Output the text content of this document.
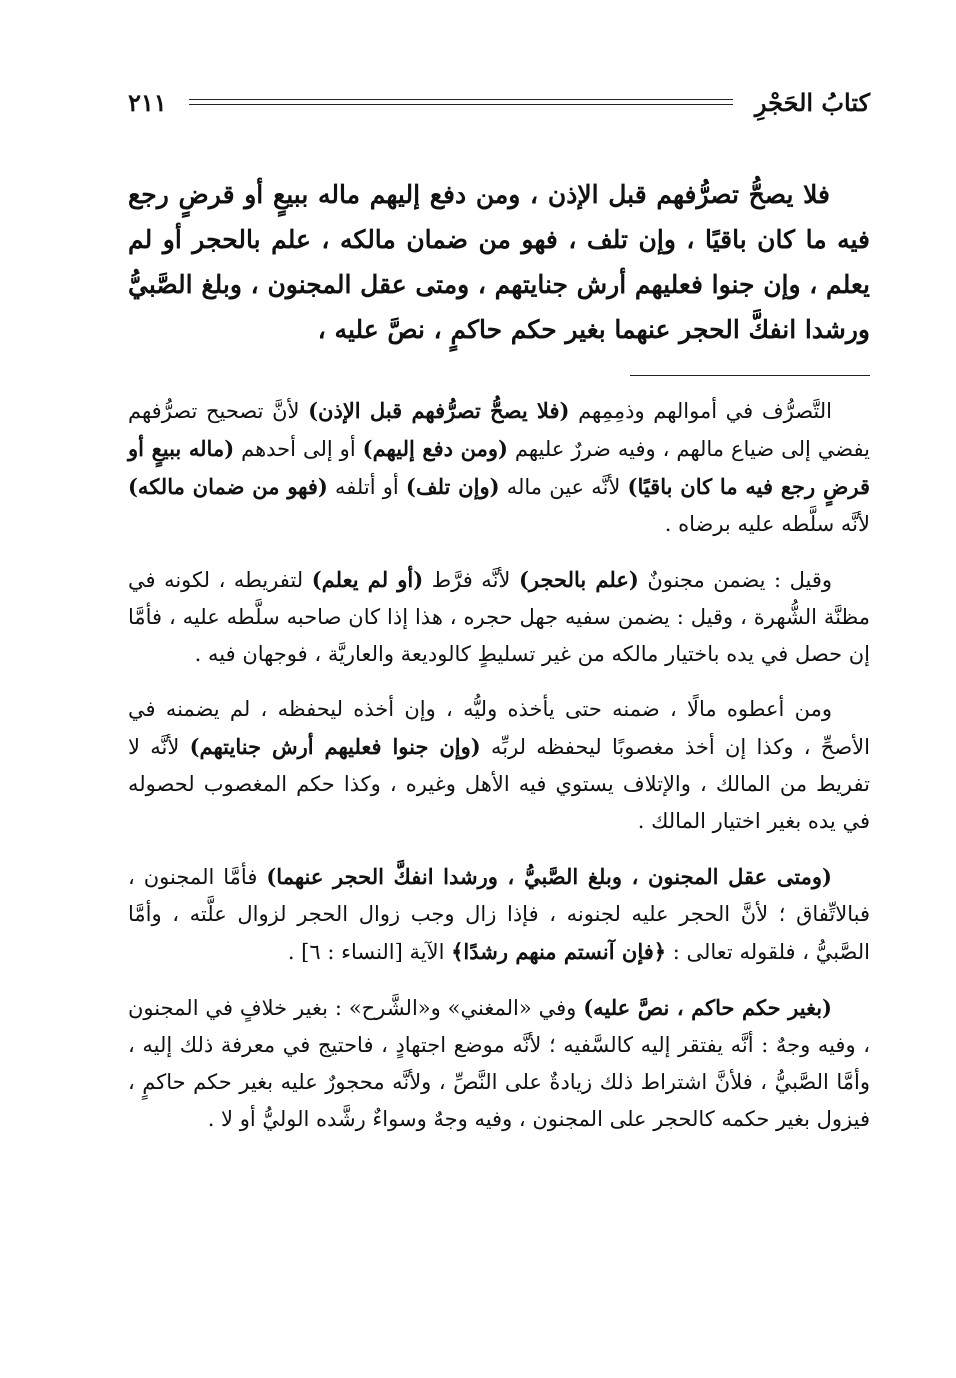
كتابُ الحَجْرِ
٢١١

فلا يصحُّ تصرُّفهم قبل الإذن ، ومن دفع إليهم ماله ببيعٍ أو قرضٍ رجع فيه ما كان باقيًا ، وإن تلف ، فهو من ضمان مالكه ، علم بالحجر أو لم يعلم ، وإن جنوا فعليهم أرش جنايتهم ، ومتى عقل المجنون ، وبلغ الصَّبيُّ ورشدا انفكَّ الحجر عنهما بغير حكم حاكمٍ ، نصَّ عليه ،

التَّصرُّف في أموالهم وذمِمِهم (فلا يصحُّ تصرُّفهم قبل الإذن) لأنَّ تصحيح تصرُّفهم يفضي إلى ضياع مالهم ، وفيه ضررٌ عليهم (ومن دفع إليهم) أو إلى أحدهم (ماله ببيعٍ أو قرضٍ رجع فيه ما كان باقيًا) لأنَّه عين ماله (وإن تلف) أو أتلفه (فهو من ضمان مالكه) لأنَّه سلَّطه عليه برضاه .

وقيل : يضمن مجنونٌ (علم بالحجر) لأنَّه فرَّط (أو لم يعلم) لتفريطه ، لكونه في مظنَّة الشُّهرة ، وقيل : يضمن سفيه جهل حجره ، هذا إذا كان صاحبه سلَّطه عليه ، فأمَّا إن حصل في يده باختيار مالكه من غير تسليطٍ كالوديعة والعاريَّة ، فوجهان فيه .

ومن أعطوه مالًا ، ضمنه حتى يأخذه وليُّه ، وإن أخذه ليحفظه ، لم يضمنه في الأصحِّ ، وكذا إن أخذ مغصوبًا ليحفظه لربِّه (وإن جنوا فعليهم أرش جنايتهم) لأنَّه لا تفريط من المالك ، والإتلاف يستوي فيه الأهل وغيره ، وكذا حكم المغصوب لحصوله في يده بغير اختيار المالك .

(ومتى عقل المجنون ، وبلغ الصَّبيُّ ، ورشدا انفكَّ الحجر عنهما) فأمَّا المجنون ، فبالاتِّفاق ؛ لأنَّ الحجر عليه لجنونه ، فإذا زال وجب زوال الحجر لزوال علَّته ، وأمَّا الصَّبيُّ ، فلقوله تعالى : ﴿فإن آنستم منهم رشدًا﴾ الآية [النساء : ٦] .

(بغير حكم حاكم ، نصَّ عليه) وفي «المغني» و«الشَّرح» : بغير خلافٍ في المجنون ، وفيه وجهٌ : أنَّه يفتقر إليه كالسَّفيه ؛ لأنَّه موضع اجتهادٍ ، فاحتيج في معرفة ذلك إليه ، وأمَّا الصَّبيُّ ، فلأنَّ اشتراط ذلك زيادةٌ على النَّصِّ ، ولأنَّه محجورٌ عليه بغير حكم حاكمٍ ، فيزول بغير حكمه كالحجر على المجنون ، وفيه وجهٌ وسواءٌ رشَّده الوليُّ أو لا .
